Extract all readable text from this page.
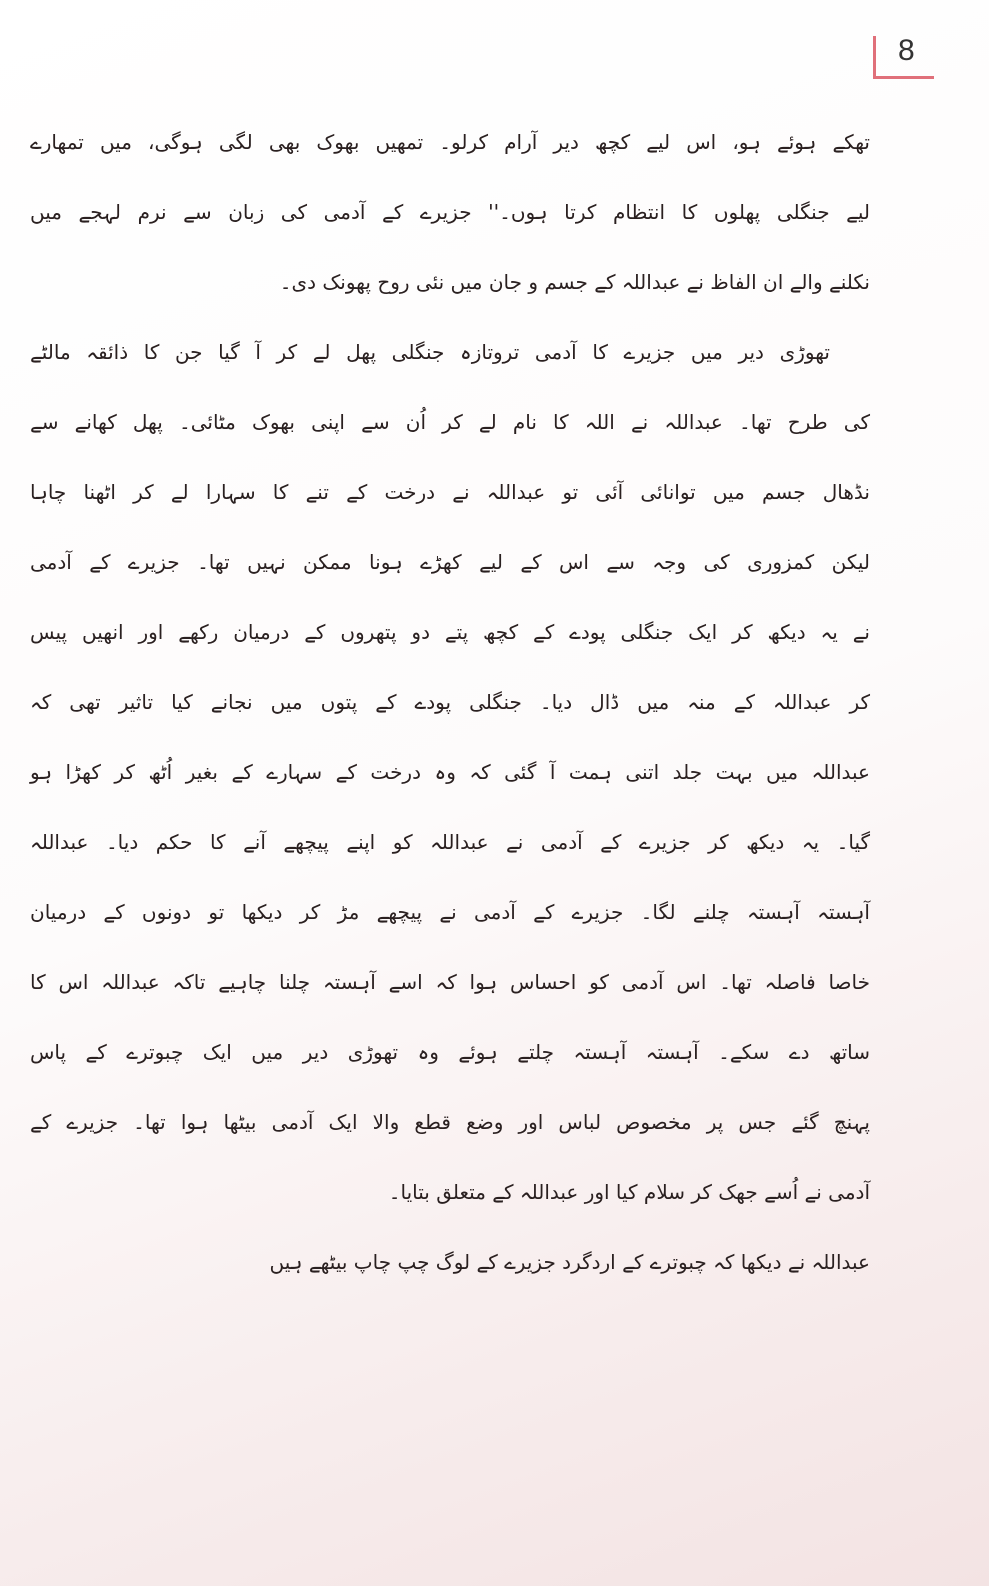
8
تھکے ہوئے ہو، اس لیے کچھ دیر آرام کرلو۔ تمھیں بھوک بھی لگی ہوگی، میں تمھارے
لیے جنگلی پھلوں کا انتظام کرتا ہوں۔'' جزیرے کے آدمی کی زبان سے نرم لہجے میں
نکلنے والے ان الفاظ نے عبداللہ کے جسم و جان میں نئی روح پھونک دی۔
تھوڑی دیر میں جزیرے کا آدمی تروتازہ جنگلی پھل لے کر آ گیا جن کا ذائقہ مالٹے
کی طرح تھا۔ عبداللہ نے اللہ کا نام لے کر اُن سے اپنی بھوک مٹائی۔ پھل کھانے سے
نڈھال جسم میں توانائی آئی تو عبداللہ نے درخت کے تنے کا سہارا لے کر اٹھنا چاہا
لیکن کمزوری کی وجہ سے اس کے لیے کھڑے ہونا ممکن نہیں تھا۔ جزیرے کے آدمی
نے یہ دیکھ کر ایک جنگلی پودے کے کچھ پتے دو پتھروں کے درمیان رکھے اور انھیں پیس
کر عبداللہ کے منہ میں ڈال دیا۔ جنگلی پودے کے پتوں میں نجانے کیا تاثیر تھی کہ
عبداللہ میں بہت جلد اتنی ہمت آ گئی کہ وہ درخت کے سہارے کے بغیر اُٹھ کر کھڑا ہو
گیا۔ یہ دیکھ کر جزیرے کے آدمی نے عبداللہ کو اپنے پیچھے آنے کا حکم دیا۔ عبداللہ
آہستہ آہستہ چلنے لگا۔ جزیرے کے آدمی نے پیچھے مڑ کر دیکھا تو دونوں کے درمیان
خاصا فاصلہ تھا۔ اس آدمی کو احساس ہوا کہ اسے آہستہ چلنا چاہیے تاکہ عبداللہ اس کا
ساتھ دے سکے۔ آہستہ آہستہ چلتے ہوئے وہ تھوڑی دیر میں ایک چبوترے کے پاس
پہنچ گئے جس پر مخصوص لباس اور وضع قطع والا ایک آدمی بیٹھا ہوا تھا۔ جزیرے کے
آدمی نے اُسے جھک کر سلام کیا اور عبداللہ کے متعلق بتایا۔
عبداللہ نے دیکھا کہ چبوترے کے اردگرد جزیرے کے لوگ چپ چاپ بیٹھے ہیں
